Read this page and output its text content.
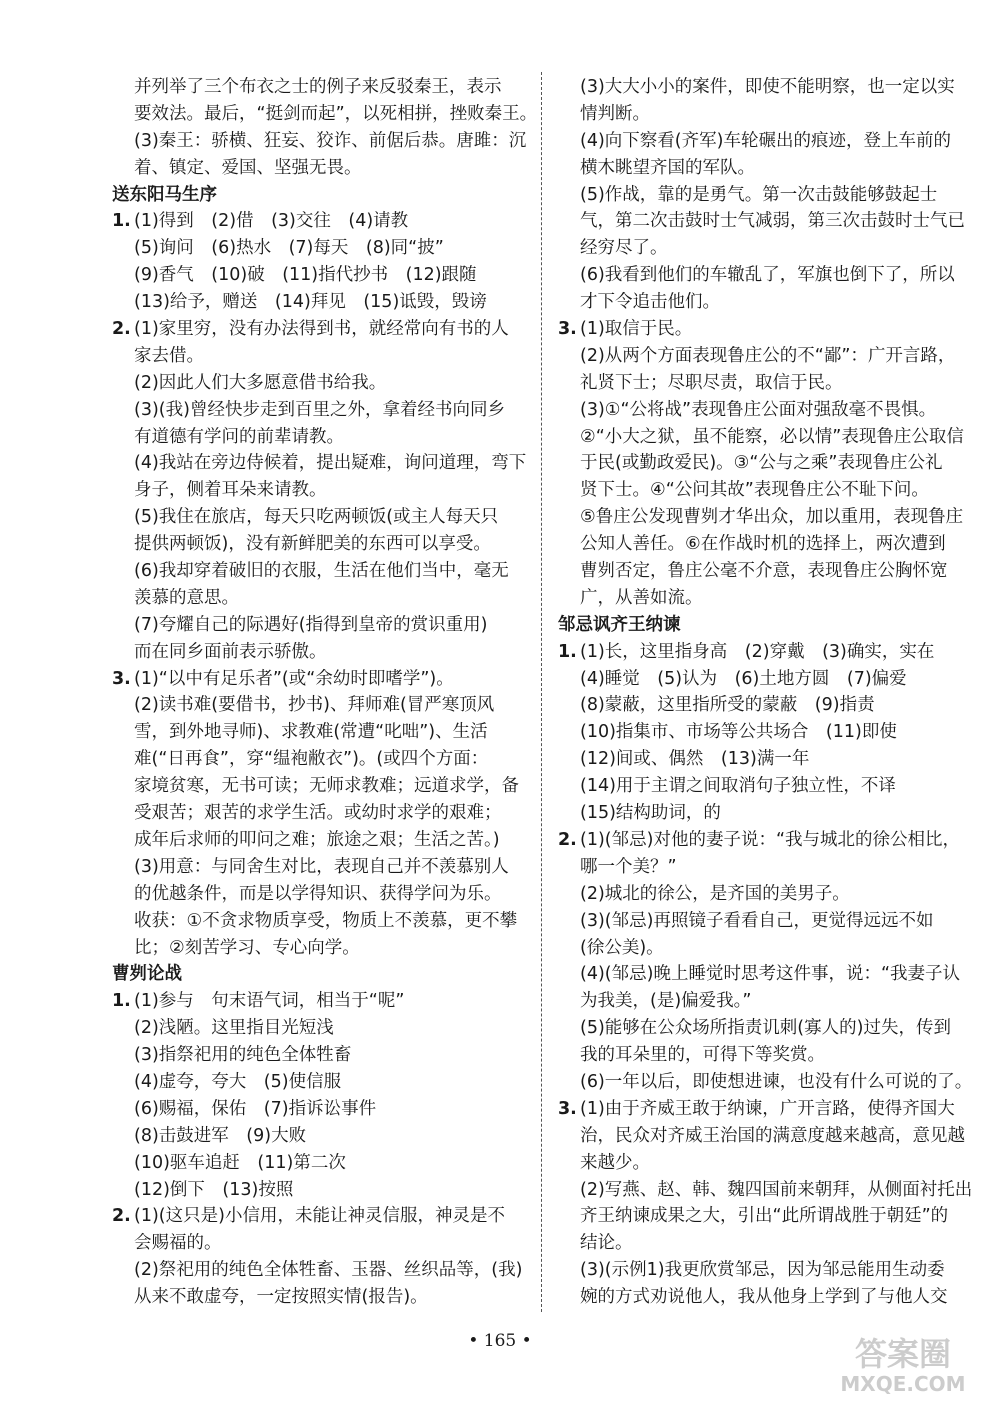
并列举了三个布衣之士的例子来反驳秦王，表示
要效法。最后，“挺剑而起”，以死相拼，挫败秦王。
(3)秦王：骄横、狂妄、狡诈、前倨后恭。唐雎：沉
着、镇定、爱国、坚强无畏。
送东阳马生序
1. (1)得到　(2)借　(3)交往　(4)请教
(5)询问　(6)热水　(7)每天　(8)同“披”
(9)香气　(10)破　(11)指代抄书　(12)跟随
(13)给予，赠送　(14)拜见　(15)诋毁，毁谤
2. (1)家里穷，没有办法得到书，就经常向有书的人
家去借。
(2)因此人们大多愿意借书给我。
(3)(我)曾经快步走到百里之外，拿着经书向同乡
有道德有学问的前辈请教。
(4)我站在旁边侍候着，提出疑难，询问道理，弯下
身子，侧着耳朵来请教。
(5)我住在旅店，每天只吃两顿饭(或主人每天只
提供两顿饭)，没有新鲜肥美的东西可以享受。
(6)我却穿着破旧的衣服，生活在他们当中，毫无
羡慕的意思。
(7)夸耀自己的际遇好(指得到皇帝的赏识重用)
而在同乡面前表示骄傲。
3. (1)“以中有足乐者”(或“余幼时即嗜学”)。
(2)读书难(要借书，抄书)、拜师难(冒严寒顶风
雪，到外地寻师)、求教难(常遭“叱咄”)、生活
难(“日再食”，穿“缊袍敝衣”)。(或四个方面：
家境贫寒，无书可读；无师求教难；远道求学，备
受艰苦；艰苦的求学生活。或幼时求学的艰难；
成年后求师的叩问之难；旅途之艰；生活之苦。)
(3)用意：与同舍生对比，表现自己并不羡慕别人
的优越条件，而是以学得知识、获得学问为乐。
收获：①不贪求物质享受，物质上不羡慕，更不攀
比；②刻苦学习、专心向学。
曹刿论战
1. (1)参与　句末语气词，相当于“呢”
(2)浅陋。这里指目光短浅
(3)指祭祀用的纯色全体牲畜
(4)虚夸，夸大　(5)使信服
(6)赐福，保佑　(7)指诉讼事件
(8)击鼓进军　(9)大败
(10)驱车追赶　(11)第二次
(12)倒下　(13)按照
2. (1)(这只是)小信用，未能让神灵信服，神灵是不
会赐福的。
(2)祭祀用的纯色全体牲畜、玉器、丝织品等，(我)
从来不敢虚夸，一定按照实情(报告)。
(3)大大小小的案件，即使不能明察，也一定以实
情判断。
(4)向下察看(齐军)车轮碾出的痕迹，登上车前的
横木眺望齐国的军队。
(5)作战，靠的是勇气。第一次击鼓能够鼓起士
气，第二次击鼓时士气减弱，第三次击鼓时士气已
经穷尽了。
(6)我看到他们的车辙乱了，军旗也倒下了，所以
才下令追击他们。
3. (1)取信于民。
(2)从两个方面表现鲁庄公的不“鄙”：广开言路，
礼贤下士；尽职尽责，取信于民。
(3)①“公将战”表现鲁庄公面对强敌毫不畏惧。
②“小大之狱，虽不能察，必以情”表现鲁庄公取信
于民(或勤政爱民)。③“公与之乘”表现鲁庄公礼
贤下士。④“公问其故”表现鲁庄公不耻下问。
⑤鲁庄公发现曹刿才华出众，加以重用，表现鲁庄
公知人善任。⑥在作战时机的选择上，两次遭到
曹刿否定，鲁庄公毫不介意，表现鲁庄公胸怀宽
广，从善如流。
邹忌讽齐王纳谏
1. (1)长，这里指身高　(2)穿戴　(3)确实，实在
(4)睡觉　(5)认为　(6)土地方圆　(7)偏爱
(8)蒙蔽，这里指所受的蒙蔽　(9)指责
(10)指集市、市场等公共场合　(11)即使
(12)间或、偶然　(13)满一年
(14)用于主谓之间取消句子独立性，不译
(15)结构助词，的
2. (1)(邹忌)对他的妻子说：“我与城北的徐公相比，
哪一个美？”
(2)城北的徐公，是齐国的美男子。
(3)(邹忌)再照镜子看看自己，更觉得远远不如
(徐公美)。
(4)(邹忌)晚上睡觉时思考这件事，说：“我妻子认
为我美，(是)偏爱我。”
(5)能够在公众场所指责讥刺(寡人的)过失，传到
我的耳朵里的，可得下等奖赏。
(6)一年以后，即使想进谏，也没有什么可说的了。
3. (1)由于齐威王敢于纳谏，广开言路，使得齐国大
治，民众对齐威王治国的满意度越来越高，意见越
来越少。
(2)写燕、赵、韩、魏四国前来朝拜，从侧面衬托出
齐王纳谏成果之大，引出“此所谓战胜于朝廷”的
结论。
(3)(示例1)我更欣赏邹忌，因为邹忌能用生动委
婉的方式劝说他人，我从他身上学到了与他人交
• 165 •	答案圈
MXQE.COM
